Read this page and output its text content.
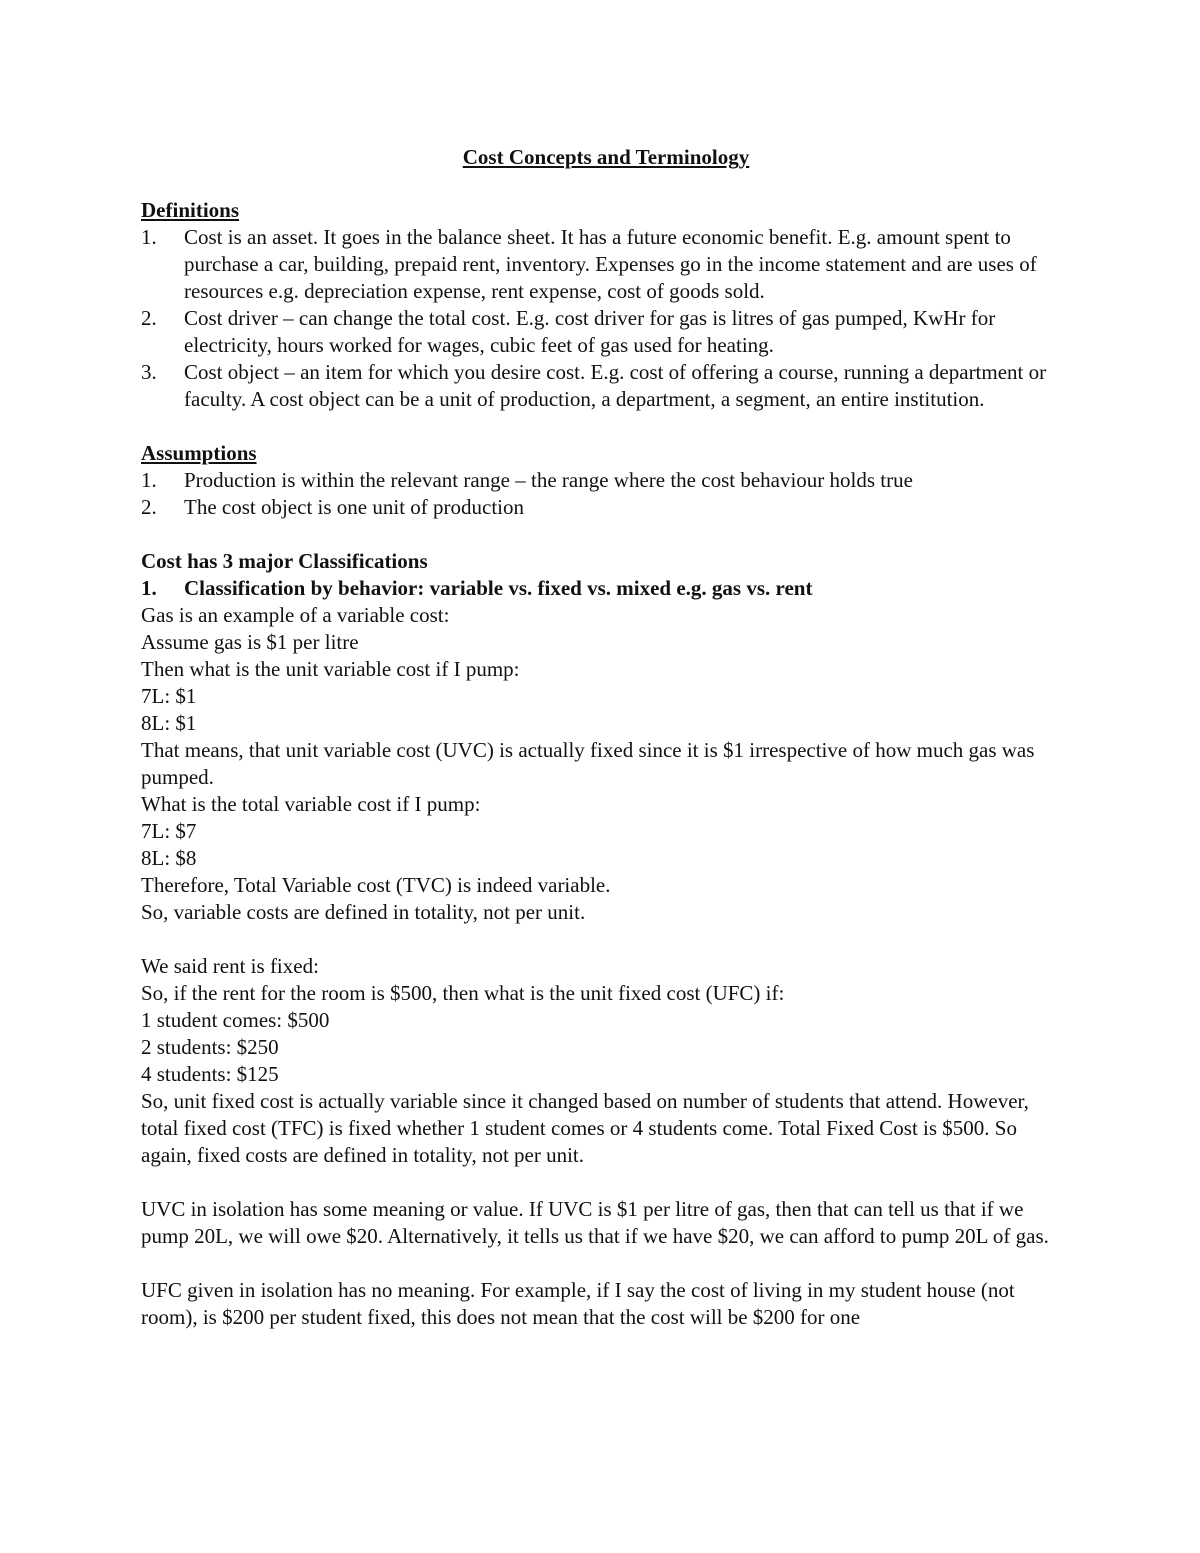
Cost Concepts and Terminology

Definitions

1. Cost is an asset. It goes in the balance sheet. It has a future economic benefit. E.g. amount spent to purchase a car, building, prepaid rent, inventory. Expenses go in the income statement and are uses of resources e.g. depreciation expense, rent expense, cost of goods sold.
2. Cost driver – can change the total cost. E.g. cost driver for gas is litres of gas pumped, KwHr for electricity, hours worked for wages, cubic feet of gas used for heating.
3. Cost object – an item for which you desire cost. E.g. cost of offering a course, running a department or faculty. A cost object can be a unit of production, a department, a segment, an entire institution.

Assumptions

1. Production is within the relevant range – the range where the cost behaviour holds true
2. The cost object is one unit of production

Cost has 3 major Classifications

1. Classification by behavior: variable vs. fixed vs. mixed e.g. gas vs. rent

Gas is an example of a variable cost:

Assume gas is $1 per litre

Then what is the unit variable cost if I pump:

7L: $1

8L: $1

That means, that unit variable cost (UVC) is actually fixed since it is $1 irrespective of how much gas was pumped.

What is the total variable cost if I pump:

7L: $7

8L: $8

Therefore, Total Variable cost (TVC) is indeed variable.

So, variable costs are defined in totality, not per unit.

We said rent is fixed:

So, if the rent for the room is $500, then what is the unit fixed cost (UFC) if:

1 student comes: $500

2 students: $250

4 students: $125

So, unit fixed cost is actually variable since it changed based on number of students that attend. However, total fixed cost (TFC) is fixed whether 1 student comes or 4 students come. Total Fixed Cost is $500. So again, fixed costs are defined in totality, not per unit.

UVC in isolation has some meaning or value. If UVC is $1 per litre of gas, then that can tell us that if we pump 20L, we will owe $20. Alternatively, it tells us that if we have $20, we can afford to pump 20L of gas.

UFC given in isolation has no meaning. For example, if I say the cost of living in my student house (not room), is $200 per student fixed, this does not mean that the cost will be $200 for one
